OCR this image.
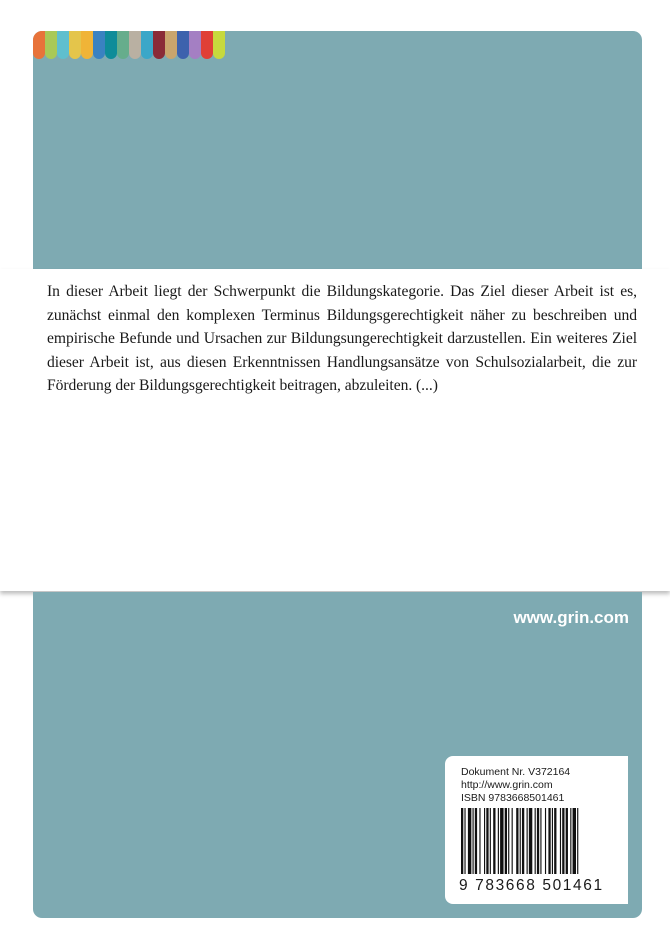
In dieser Arbeit liegt der Schwerpunkt die Bildungskategorie. Das Ziel dieser Arbeit ist es, zunächst einmal den komplexen Terminus Bildungsgerechtigkeit näher zu beschreiben und empirische Befunde und Ursachen zur Bildungsungerechtigkeit darzustellen. Ein weiteres Ziel dieser Arbeit ist, aus diesen Erkenntnissen Handlungsansätze von Schulsozialarbeit, die zur Förderung der Bildungsgerechtigkeit beitragen, abzuleiten. (...)

www.grin.com
Dokument Nr. V372164
http://www.grin.com
ISBN 9783668501461
9 783668 501461
